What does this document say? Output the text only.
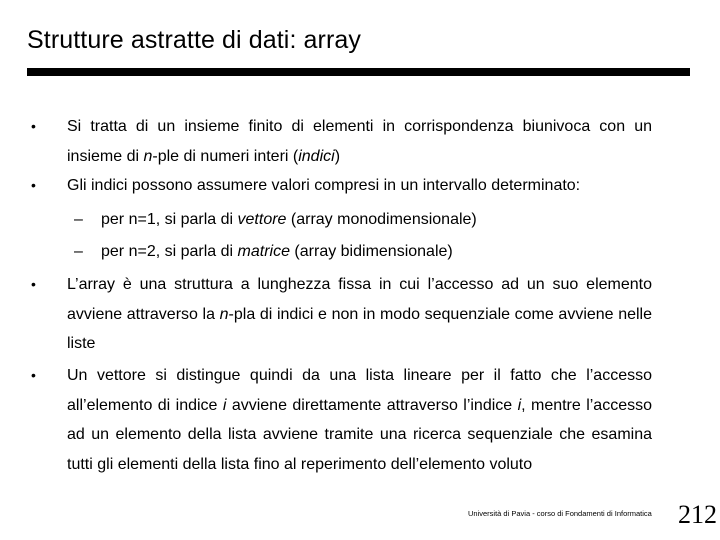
Strutture astratte di dati: array
• Si tratta di un insieme finito di elementi in corrispondenza biunivoca con un insieme di n-ple di numeri interi (indici)
• Gli indici possono assumere valori compresi in un intervallo determinato:
– per n=1, si parla di vettore (array monodimensionale)
– per n=2, si parla di matrice (array bidimensionale)
• L’array è una struttura a lunghezza fissa in cui l’accesso ad un suo elemento avviene attraverso la n-pla di indici e non in modo sequenziale come avviene nelle liste
• Un vettore si distingue quindi da una lista lineare per il fatto che l’accesso all’elemento di indice i avviene direttamente attraverso l’indice i, mentre l’accesso ad un elemento della lista avviene tramite una ricerca sequenziale che esamina tutti gli elementi della lista fino al reperimento dell’elemento voluto
Università di Pavia - corso di Fondamenti di Informatica 212
